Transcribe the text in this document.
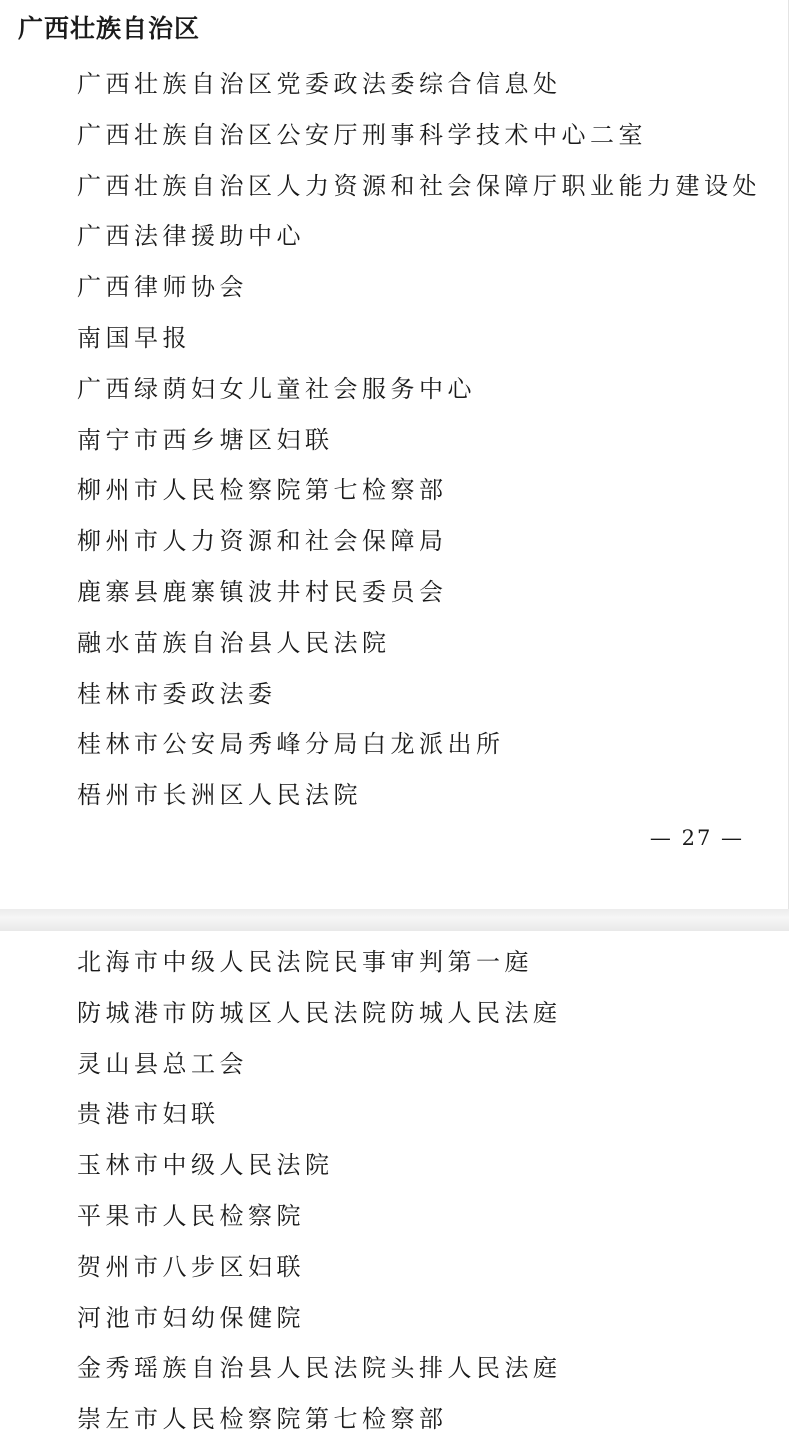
广西壮族自治区
广西壮族自治区党委政法委综合信息处
广西壮族自治区公安厅刑事科学技术中心二室
广西壮族自治区人力资源和社会保障厅职业能力建设处
广西法律援助中心
广西律师协会
南国早报
广西绿荫妇女儿童社会服务中心
南宁市西乡塘区妇联
柳州市人民检察院第七检察部
柳州市人力资源和社会保障局
鹿寨县鹿寨镇波井村民委员会
融水苗族自治县人民法院
桂林市委政法委
桂林市公安局秀峰分局白龙派出所
梧州市长洲区人民法院
— 27 —
北海市中级人民法院民事审判第一庭
防城港市防城区人民法院防城人民法庭
灵山县总工会
贵港市妇联
玉林市中级人民法院
平果市人民检察院
贺州市八步区妇联
河池市妇幼保健院
金秀瑶族自治县人民法院头排人民法庭
崇左市人民检察院第七检察部
